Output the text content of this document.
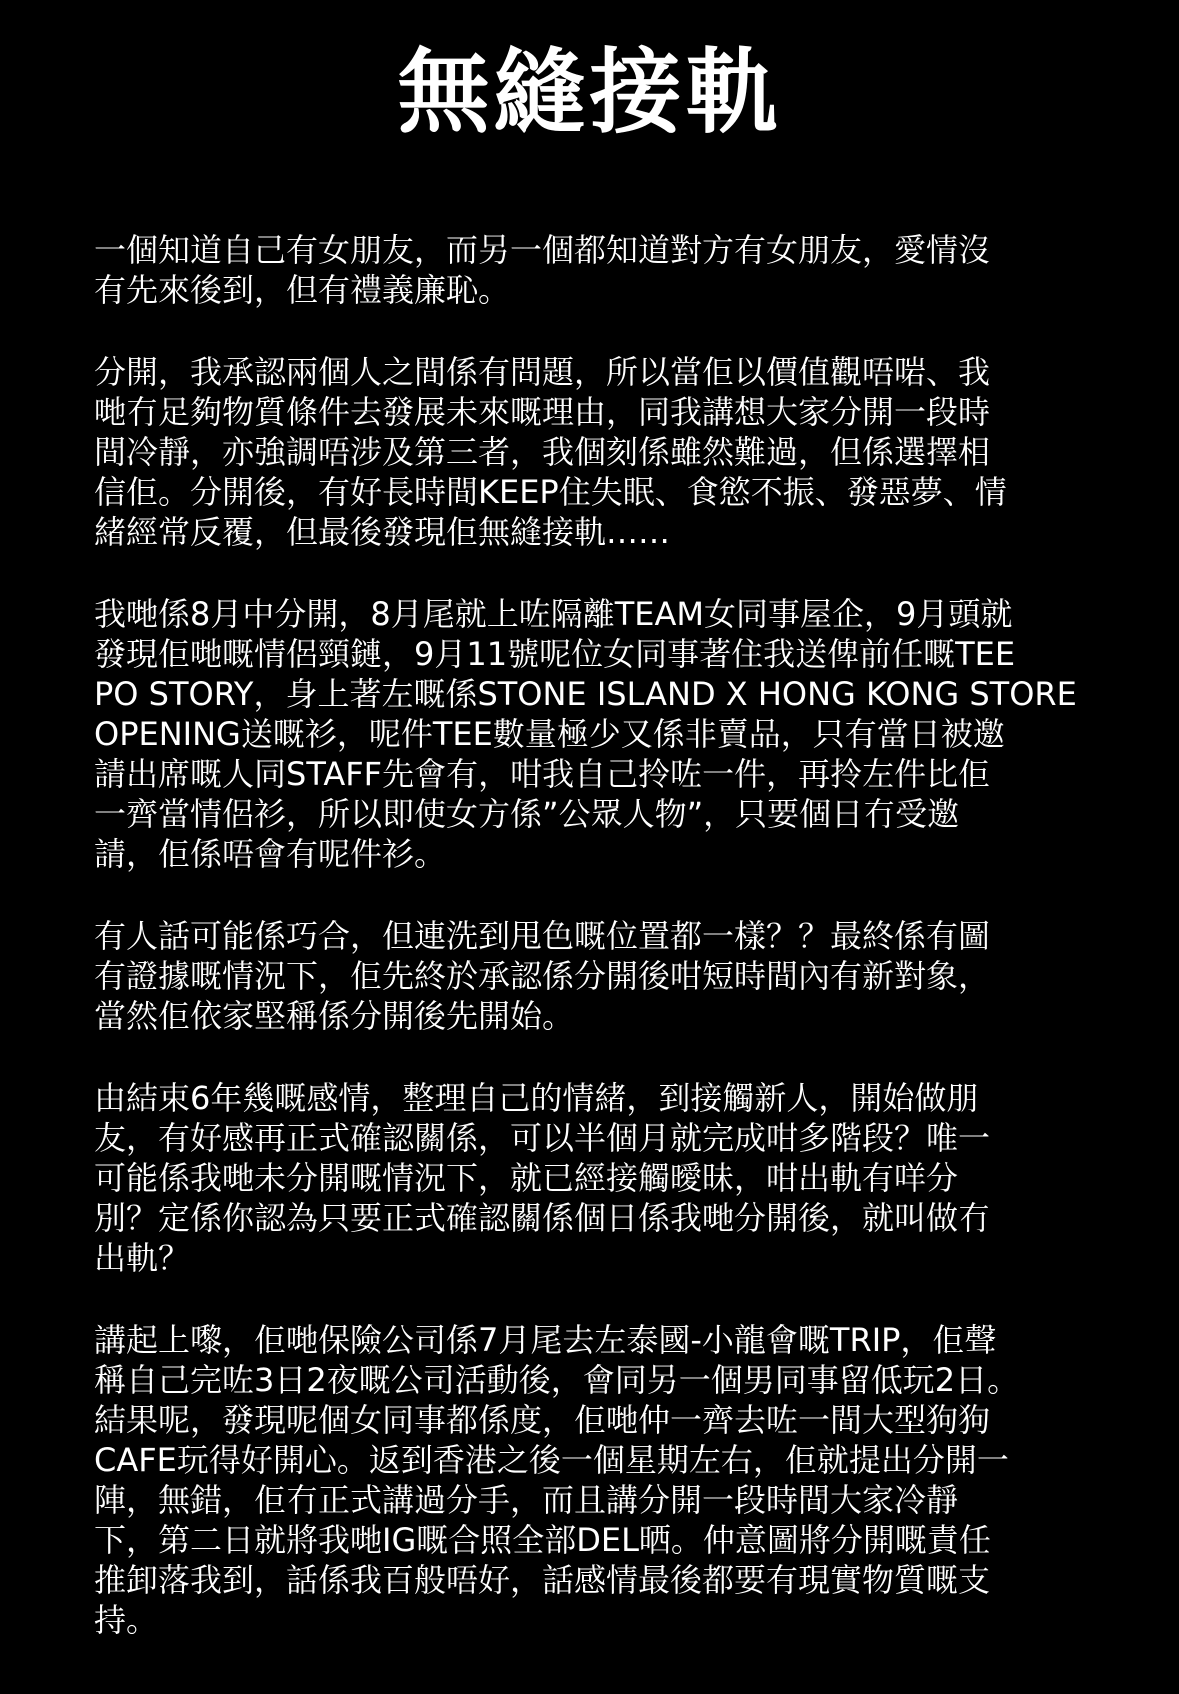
無縫接軌
一個知道自己有女朋友，而另一個都知道對方有女朋友，愛情沒
有先來後到，但有禮義廉恥。
分開，我承認兩個人之間係有問題，所以當佢以價值觀唔啱、我
哋冇足夠物質條件去發展未來嘅理由，同我講想大家分開一段時
間冷靜，亦強調唔涉及第三者，我個刻係雖然難過，但係選擇相
信佢。分開後，有好長時間KEEP住失眠、食慾不振、發惡夢、情
緒經常反覆，但最後發現佢無縫接軌……
我哋係8月中分開，8月尾就上咗隔離TEAM女同事屋企，9月頭就
發現佢哋嘅情侶頸鏈，9月11號呢位女同事著住我送俾前任嘅TEE
PO STORY，身上著左嘅係STONE ISLAND X HONG KONG STORE
OPENING送嘅衫，呢件TEE數量極少又係非賣品，只有當日被邀
請出席嘅人同STAFF先會有，咁我自己拎咗一件，再拎左件比佢
一齊當情侶衫，所以即使女方係”公眾人物”，只要個日冇受邀
請，佢係唔會有呢件衫。
有人話可能係巧合，但連洗到甩色嘅位置都一樣？？最終係有圖
有證據嘅情況下，佢先終於承認係分開後咁短時間內有新對象，
當然佢依家堅稱係分開後先開始。
由結束6年幾嘅感情，整理自己的情緒，到接觸新人，開始做朋
友，有好感再正式確認關係，可以半個月就完成咁多階段？唯一
可能係我哋未分開嘅情況下，就已經接觸曖昧，咁出軌有咩分
別？定係你認為只要正式確認關係個日係我哋分開後，就叫做冇
出軌？
講起上嚟，佢哋保險公司係7月尾去左泰國-小龍會嘅TRIP，佢聲
稱自己完咗3日2夜嘅公司活動後，會同另一個男同事留低玩2日。
結果呢，發現呢個女同事都係度，佢哋仲一齊去咗一間大型狗狗
CAFE玩得好開心。返到香港之後一個星期左右，佢就提出分開一
陣，無錯，佢冇正式講過分手，而且講分開一段時間大家冷靜
下，第二日就將我哋IG嘅合照全部DEL晒。仲意圖將分開嘅責任
推卸落我到，話係我百般唔好，話感情最後都要有現實物質嘅支
持。
